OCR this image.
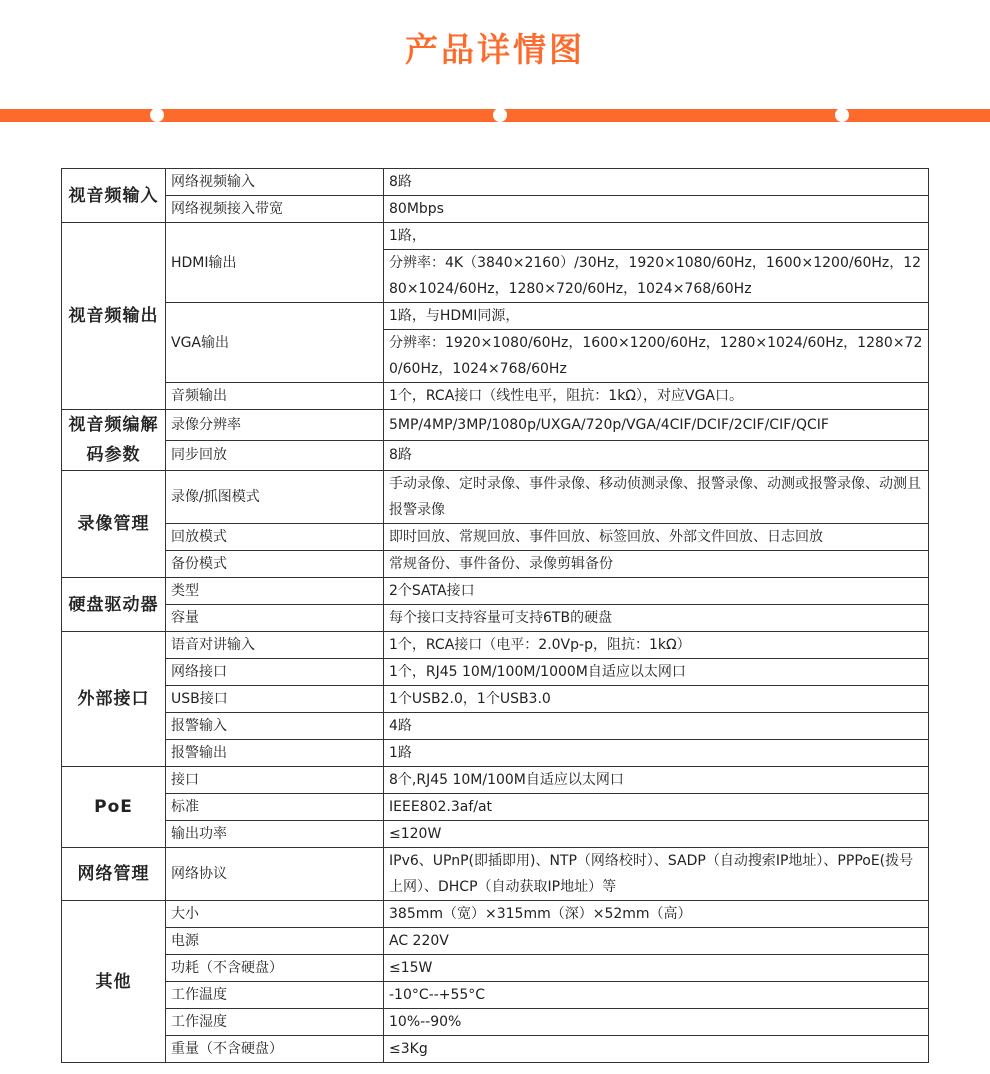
产品详情图
视音频输入	网络视频输入	8路
	网络视频接入带宽	80Mbps
视音频输出	HDMI输出	1路，
		分辨率：4K（3840×2160）/30Hz，1920×1080/60Hz，1600×1200/60Hz，1280×1024/60Hz，1280×720/60Hz，1024×768/60Hz
	VGA输出	1路，与HDMI同源，
		分辨率：1920×1080/60Hz，1600×1200/60Hz，1280×1024/60Hz，1280×720/60Hz，1024×768/60Hz
	音频输出	1个，RCA接口（线性电平，阻抗：1kΩ），对应VGA口。
视音频编解码参数	录像分辨率	5MP/4MP/3MP/1080p/UXGA/720p/VGA/4CIF/DCIF/2CIF/CIF/QCIF
	同步回放	8路
录像管理	录像/抓图模式	手动录像、定时录像、事件录像、移动侦测录像、报警录像、动测或报警录像、动测且报警录像
	回放模式	即时回放、常规回放、事件回放、标签回放、外部文件回放、日志回放
	备份模式	常规备份、事件备份、录像剪辑备份
硬盘驱动器	类型	2个SATA接口
	容量	每个接口支持容量可支持6TB的硬盘
外部接口	语音对讲输入	1个，RCA接口（电平：2.0Vp-p，阻抗：1kΩ）
	网络接口	1个，RJ45 10M/100M/1000M自适应以太网口
	USB接口	1个USB2.0，1个USB3.0
	报警输入	4路
	报警输出	1路
PoE	接口	8个,RJ45 10M/100M自适应以太网口
	标准	IEEE802.3af/at
	输出功率	≤120W
网络管理	网络协议	IPv6、UPnP(即插即用)、NTP（网络校时）、SADP（自动搜索IP地址）、PPPoE(拨号上网）、DHCP（自动获取IP地址）等
其他	大小	385mm（宽）×315mm（深）×52mm（高）
	电源	AC 220V
	功耗（不含硬盘）	≤15W
	工作温度	-10°C--+55°C
	工作湿度	10%--90%
	重量（不含硬盘）	≤3Kg
